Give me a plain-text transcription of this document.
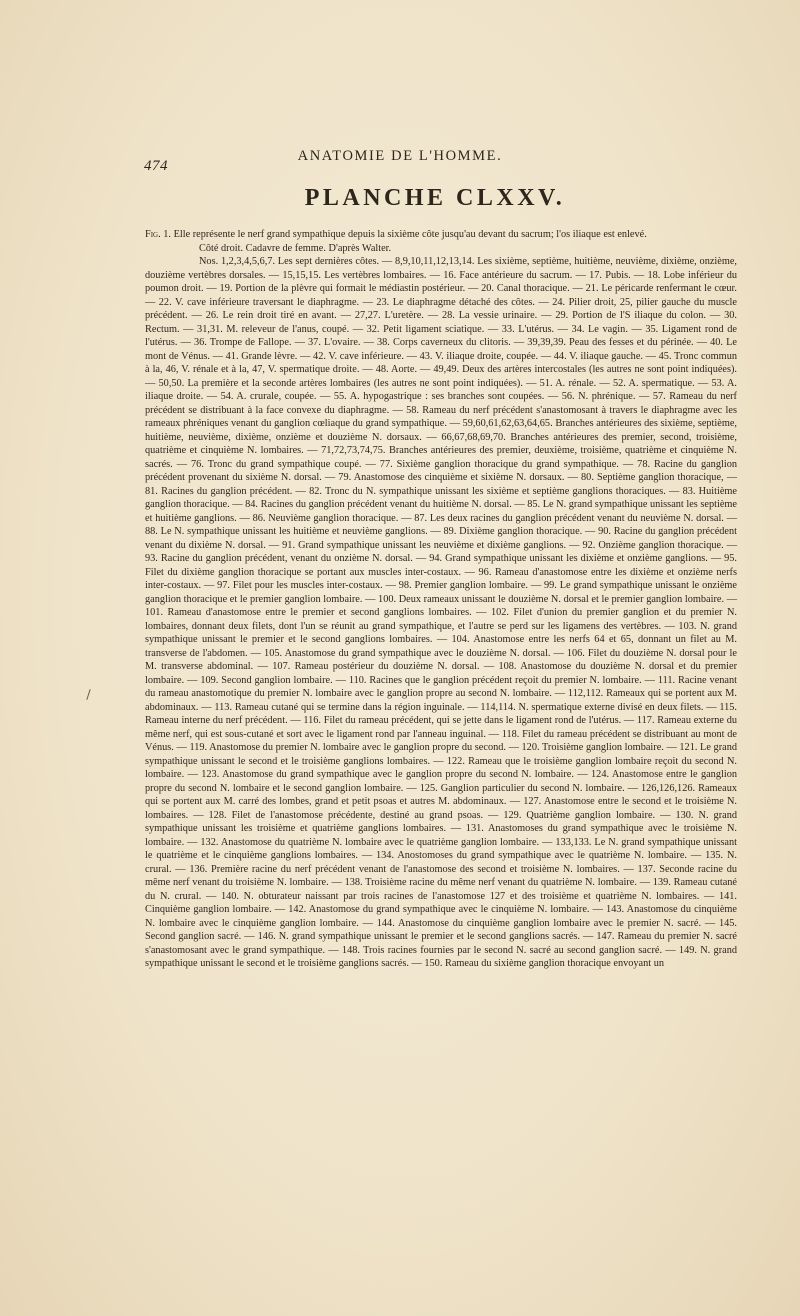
474
ANATOMIE DE L'HOMME.
PLANCHE CLXXV.

Fig. 1. Elle représente le nerf grand sympathique depuis la sixième côte jusqu'au devant du sacrum; l'os iliaque est enlevé.

Côté droit. Cadavre de femme. D'après Walter.

Nos. 1,2,3,4,5,6,7. Les sept dernières côtes. — 8,9,10,11,12,13,14. Les sixième, septième, huitième, neuvième, dixième, onzième, douzième vertèbres dorsales. — 15,15,15. Les vertèbres lombaires. — 16. Face antérieure du sacrum. — 17. Pubis. — 18. Lobe inférieur du poumon droit. — 19. Portion de la plèvre qui formait le médiastin postérieur. — 20. Canal thoracique. — 21. Le péricarde renfermant le cœur. — 22. V. cave inférieure traversant le diaphragme. — 23. Le diaphragme détaché des côtes. — 24. Pilier droit, 25, pilier gauche du muscle précédent. — 26. Le rein droit tiré en avant. — 27,27. L'uretère. — 28. La vessie urinaire. — 29. Portion de l'S iliaque du colon. — 30. Rectum. — 31,31. M. releveur de l'anus, coupé. — 32. Petit ligament sciatique. — 33. L'utérus. — 34. Le vagin. — 35. Ligament rond de l'utérus. — 36. Trompe de Fallope. — 37. L'ovaire. — 38. Corps caverneux du clitoris. — 39,39,39. Peau des fesses et du périnée. — 40. Le mont de Vénus. — 41. Grande lèvre. — 42. V. cave inférieure. — 43. V. iliaque droite, coupée. — 44. V. iliaque gauche. — 45. Tronc commun à la, 46, V. rénale et à la, 47, V. spermatique droite. — 48. Aorte. — 49,49. Deux des artères intercostales (les autres ne sont point indiquées). — 50,50. La première et la seconde artères lombaires (les autres ne sont point indiquées). — 51. A. rénale. — 52. A. spermatique. — 53. A. iliaque droite. — 54. A. crurale, coupée. — 55. A. hypogastrique : ses branches sont coupées. — 56. N. phrénique. — 57. Rameau du nerf précédent se distribuant à la face convexe du diaphragme. — 58. Rameau du nerf précédent s'anastomosant à travers le diaphragme avec les rameaux phréniques venant du ganglion cœliaque du grand sympathique. — 59,60,61,62,63,64,65. Branches antérieures des sixième, septième, huitième, neuvième, dixième, onzième et douzième N. dorsaux. — 66,67,68,69,70. Branches antérieures des premier, second, troisième, quatrième et cinquième N. lombaires. — 71,72,73,74,75. Branches antérieures des premier, deuxième, troisième, quatrième et cinquième N. sacrés. — 76. Tronc du grand sympathique coupé. — 77. Sixième ganglion thoracique du grand sympathique. — 78. Racine du ganglion précédent provenant du sixième N. dorsal. — 79. Anastomose des cinquième et sixième N. dorsaux. — 80. Septième ganglion thoracique, — 81. Racines du ganglion précédent. — 82. Tronc du N. sympathique unissant les sixième et septième ganglions thoraciques. — 83. Huitième ganglion thoracique. — 84. Racines du ganglion précédent venant du huitième N. dorsal. — 85. Le N. grand sympathique unissant les septième et huitième ganglions. — 86. Neuvième ganglion thoracique. — 87. Les deux racines du ganglion précédent venant du neuvième N. dorsal. — 88. Le N. sympathique unissant les huitième et neuvième ganglions. — 89. Dixième ganglion thoracique. — 90. Racine du ganglion précédent venant du dixième N. dorsal. — 91. Grand sympathique unissant les neuvième et dixième ganglions. — 92. Onzième ganglion thoracique. — 93. Racine du ganglion précédent, venant du onzième N. dorsal. — 94. Grand sympathique unissant les dixième et onzième ganglions. — 95. Filet du dixième ganglion thoracique se portant aux muscles inter-costaux. — 96. Rameau d'anastomose entre les dixième et onzième nerfs inter-costaux. — 97. Filet pour les muscles inter-costaux. — 98. Premier ganglion lombaire. — 99. Le grand sympathique unissant le onzième ganglion thoracique et le premier ganglion lombaire. — 100. Deux rameaux unissant le douzième N. dorsal et le premier ganglion lombaire. — 101. Rameau d'anastomose entre le premier et second ganglions lombaires. — 102. Filet d'union du premier ganglion et du premier N. lombaires, donnant deux filets, dont l'un se réunit au grand sympathique, et l'autre se perd sur les ligamens des vertèbres. — 103. N. grand sympathique unissant le premier et le second ganglions lombaires. — 104. Anastomose entre les nerfs 64 et 65, donnant un filet au M. transverse de l'abdomen. — 105. Anastomose du grand sympathique avec le douzième N. dorsal. — 106. Filet du douzième N. dorsal pour le M. transverse abdominal. — 107. Rameau postérieur du douzième N. dorsal. — 108. Anastomose du douzième N. dorsal et du premier lombaire. — 109. Second ganglion lombaire. — 110. Racines que le ganglion précédent reçoit du premier N. lombaire. — 111. Racine venant du rameau anastomotique du premier N. lombaire avec le ganglion propre au second N. lombaire. — 112,112. Rameaux qui se portent aux M. abdominaux. — 113. Rameau cutané qui se termine dans la région inguinale. — 114,114. N. spermatique externe divisé en deux filets. — 115. Rameau interne du nerf précédent. — 116. Filet du rameau précédent, qui se jette dans le ligament rond de l'utérus. — 117. Rameau externe du même nerf, qui est sous-cutané et sort avec le ligament rond par l'anneau inguinal. — 118. Filet du rameau précédent se distribuant au mont de Vénus. — 119. Anastomose du premier N. lombaire avec le ganglion propre du second. — 120. Troisième ganglion lombaire. — 121. Le grand sympathique unissant le second et le troisième ganglions lombaires. — 122. Rameau que le troisième ganglion lombaire reçoit du second N. lombaire. — 123. Anastomose du grand sympathique avec le ganglion propre du second N. lombaire. — 124. Anastomose entre le ganglion propre du second N. lombaire et le second ganglion lombaire. — 125. Ganglion particulier du second N. lombaire. — 126,126,126. Rameaux qui se portent aux M. carré des lombes, grand et petit psoas et autres M. abdominaux. — 127. Anastomose entre le second et le troisième N. lombaires. — 128. Filet de l'anastomose précédente, destiné au grand psoas. — 129. Quatrième ganglion lombaire. — 130. N. grand sympathique unissant les troisième et quatrième ganglions lombaires. — 131. Anastomoses du grand sympathique avec le troisième N. lombaire. — 132. Anastomose du quatrième N. lombaire avec le quatrième ganglion lombaire. — 133,133. Le N. grand sympathique unissant le quatrième et le cinquième ganglions lombaires. — 134. Anostomoses du grand sympathique avec le quatrième N. lombaire. — 135. N. crural. — 136. Première racine du nerf précédent venant de l'anastomose des second et troisième N. lombaires. — 137. Seconde racine du même nerf venant du troisième N. lombaire. — 138. Troisième racine du même nerf venant du quatrième N. lombaire. — 139. Rameau cutané du N. crural. — 140. N. obturateur naissant par trois racines de l'anastomose 127 et des troisième et quatrième N. lombaires. — 141. Cinquième ganglion lombaire. — 142. Anastomose du grand sympathique avec le cinquième N. lombaire. — 143. Anastomose du cinquième N. lombaire avec le cinquième ganglion lombaire. — 144. Anastomose du cinquième ganglion lombaire avec le premier N. sacré. — 145. Second ganglion sacré. — 146. N. grand sympathique unissant le premier et le second ganglions sacrés. — 147. Rameau du premier N. sacré s'anastomosant avec le grand sympathique. — 148. Trois racines fournies par le second N. sacré au second ganglion sacré. — 149. N. grand sympathique unissant le second et le troisième ganglions sacrés. — 150. Rameau du sixième ganglion thoracique envoyant un
